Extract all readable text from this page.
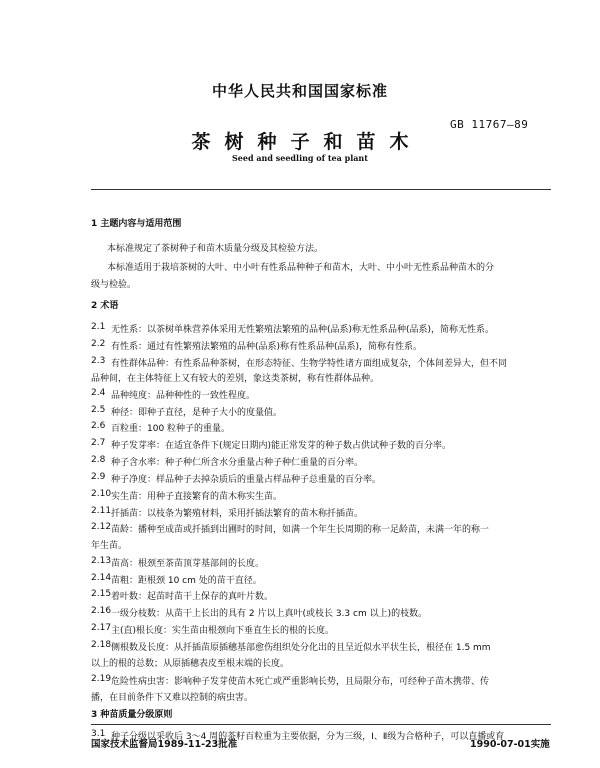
中华人民共和国国家标准
GB 11767—89
茶树种子和苗木
Seed and seedling of tea plant
1 主题内容与适用范围
本标准规定了茶树种子和苗木质量分级及其检验方法。
本标准适用于栽培茶树的大叶、中小叶有性系品种种子和苗木，大叶、中小叶无性系品种苗木的分
级与检验。
2 术语
2.1 无性系：以茶树单株营养体采用无性繁殖法繁殖的品种(品系)称无性系品种(品系)，简称无性系。
2.2 有性系：通过有性繁殖法繁殖的品种(品系)称有性系品种(品系)，简称有性系。
2.3 有性群体品种：有性系品种茶树，在形态特征、生物学特性诸方面组成复杂，个体间差异大，但不同
品种间，在主体特征上又有较大的差别，象这类茶树，称有性群体品种。
2.4 品种纯度：品种种性的一致性程度。
2.5 种径：即种子直径，是种子大小的度量值。
2.6 百粒重：100 粒种子的重量。
2.7 种子发芽率：在适宜条件下(规定日期内)能正常发芽的种子数占供试种子数的百分率。
2.8 种子含水率：种子种仁所含水分重量占种子种仁重量的百分率。
2.9 种子净度：样品种子去掉杂质后的重量占样品种子总重量的百分率。
2.10 实生苗：用种子直接繁育的苗木称实生苗。
2.11 扦插苗：以枝条为繁殖材料，采用扦插法繁育的苗木称扦插苗。
2.12 苗龄：播种至成苗或扦插到出圃时的时间，如满一个年生长周期的称一足龄苗，未满一年的称一
年生苗。
2.13 苗高：根颈至茶苗顶芽基部间的长度。
2.14 苗粗：距根颈 10 cm 处的苗干直径。
2.15 着叶数：起苗时苗干上保存的真叶片数。
2.16 一级分枝数：从苗干上长出的具有 2 片以上真叶(或枝长 3.3 cm 以上)的枝数。
2.17 主(直)根长度：实生苗由根颈向下垂直生长的根的长度。
2.18 侧根数及长度：从扦插苗原插穗基部愈伤组织处分化出的且呈近似水平状生长，根径在 1.5 mm
以上的根的总数；从原插穗表皮至根末端的长度。
2.19 危险性病虫害：影响种子发芽使苗木死亡或严重影响长势，且局限分布，可经种子苗木携带、传
播，在目前条件下又难以控制的病虫害。
3 种苗质量分级原则
3.1 种子分级以采收后 3～4 周的茶籽百粒重为主要依据，分为三级，Ⅰ、Ⅱ级为合格种子，可以直播或育
国家技术监督局1989-11-23批准	1990-07-01实施
